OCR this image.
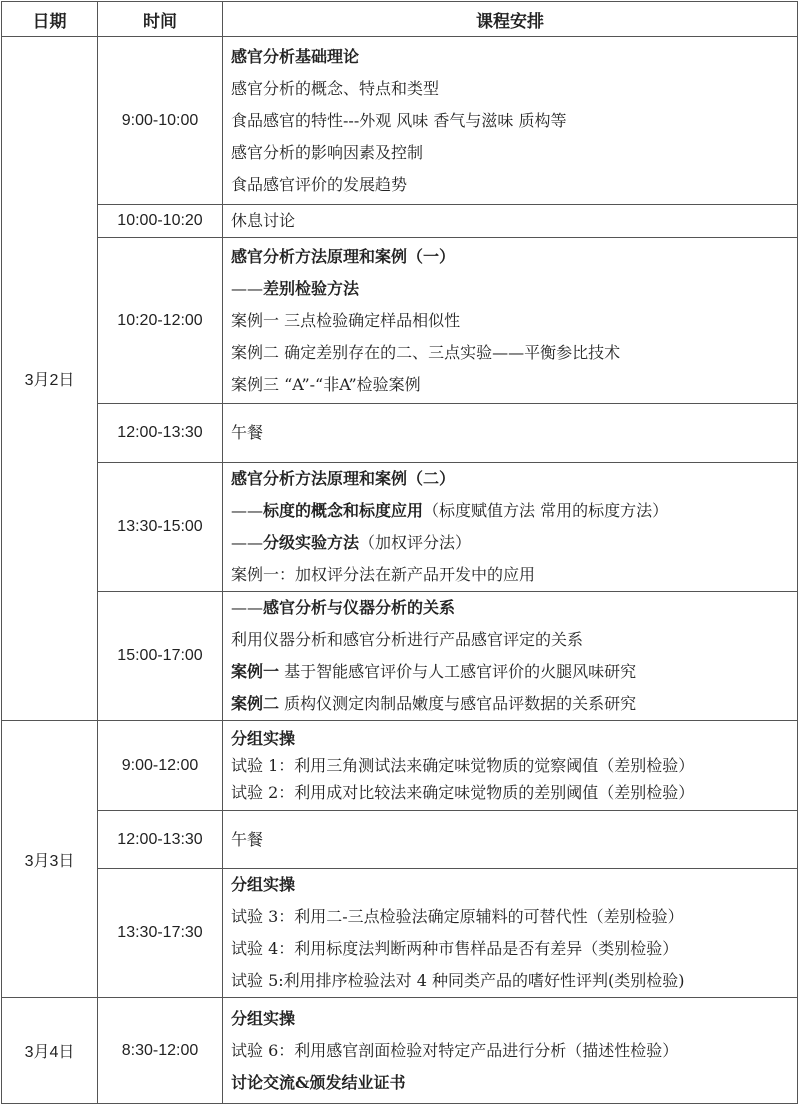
日期	时间	课程安排
3月2日	9:00-10:00	感官分析基础理论
感官分析的概念、特点和类型
食品感官的特性---外观 风味 香气与滋味 质构等
感官分析的影响因素及控制
食品感官评价的发展趋势

	10:00-10:20	休息讨论

	10:20-12:00	感官分析方法原理和案例（一）
——差别检验方法
案例一 三点检验确定样品相似性
案例二 确定差别存在的二、三点实验——平衡参比技术
案例三 “A”-“非A”检验案例

	12:00-13:30	午餐

	13:30-15:00	感官分析方法原理和案例（二）
——标度的概念和标度应用（标度赋值方法 常用的标度方法）
——分级实验方法（加权评分法）
案例一：加权评分法在新产品开发中的应用

	15:00-17:00	——感官分析与仪器分析的关系
利用仪器分析和感官分析进行产品感官评定的关系
案例一 基于智能感官评价与人工感官评价的火腿风味研究
案例二 质构仪测定肉制品嫩度与感官品评数据的关系研究

3月3日	9:00-12:00	分组实操
试验 1：利用三角测试法来确定味觉物质的觉察阈值（差别检验）
试验 2：利用成对比较法来确定味觉物质的差别阈值（差别检验）

	12:00-13:30	午餐

	13:30-17:30	分组实操
试验 3：利用二-三点检验法确定原辅料的可替代性（差别检验）
试验 4：利用标度法判断两种市售样品是否有差异（类别检验）
试验 5:利用排序检验法对 4 种同类产品的嗜好性评判(类别检验)

3月4日	8:30-12:00	分组实操
试验 6：利用感官剖面检验对特定产品进行分析（描述性检验）
讨论交流&颁发结业证书
